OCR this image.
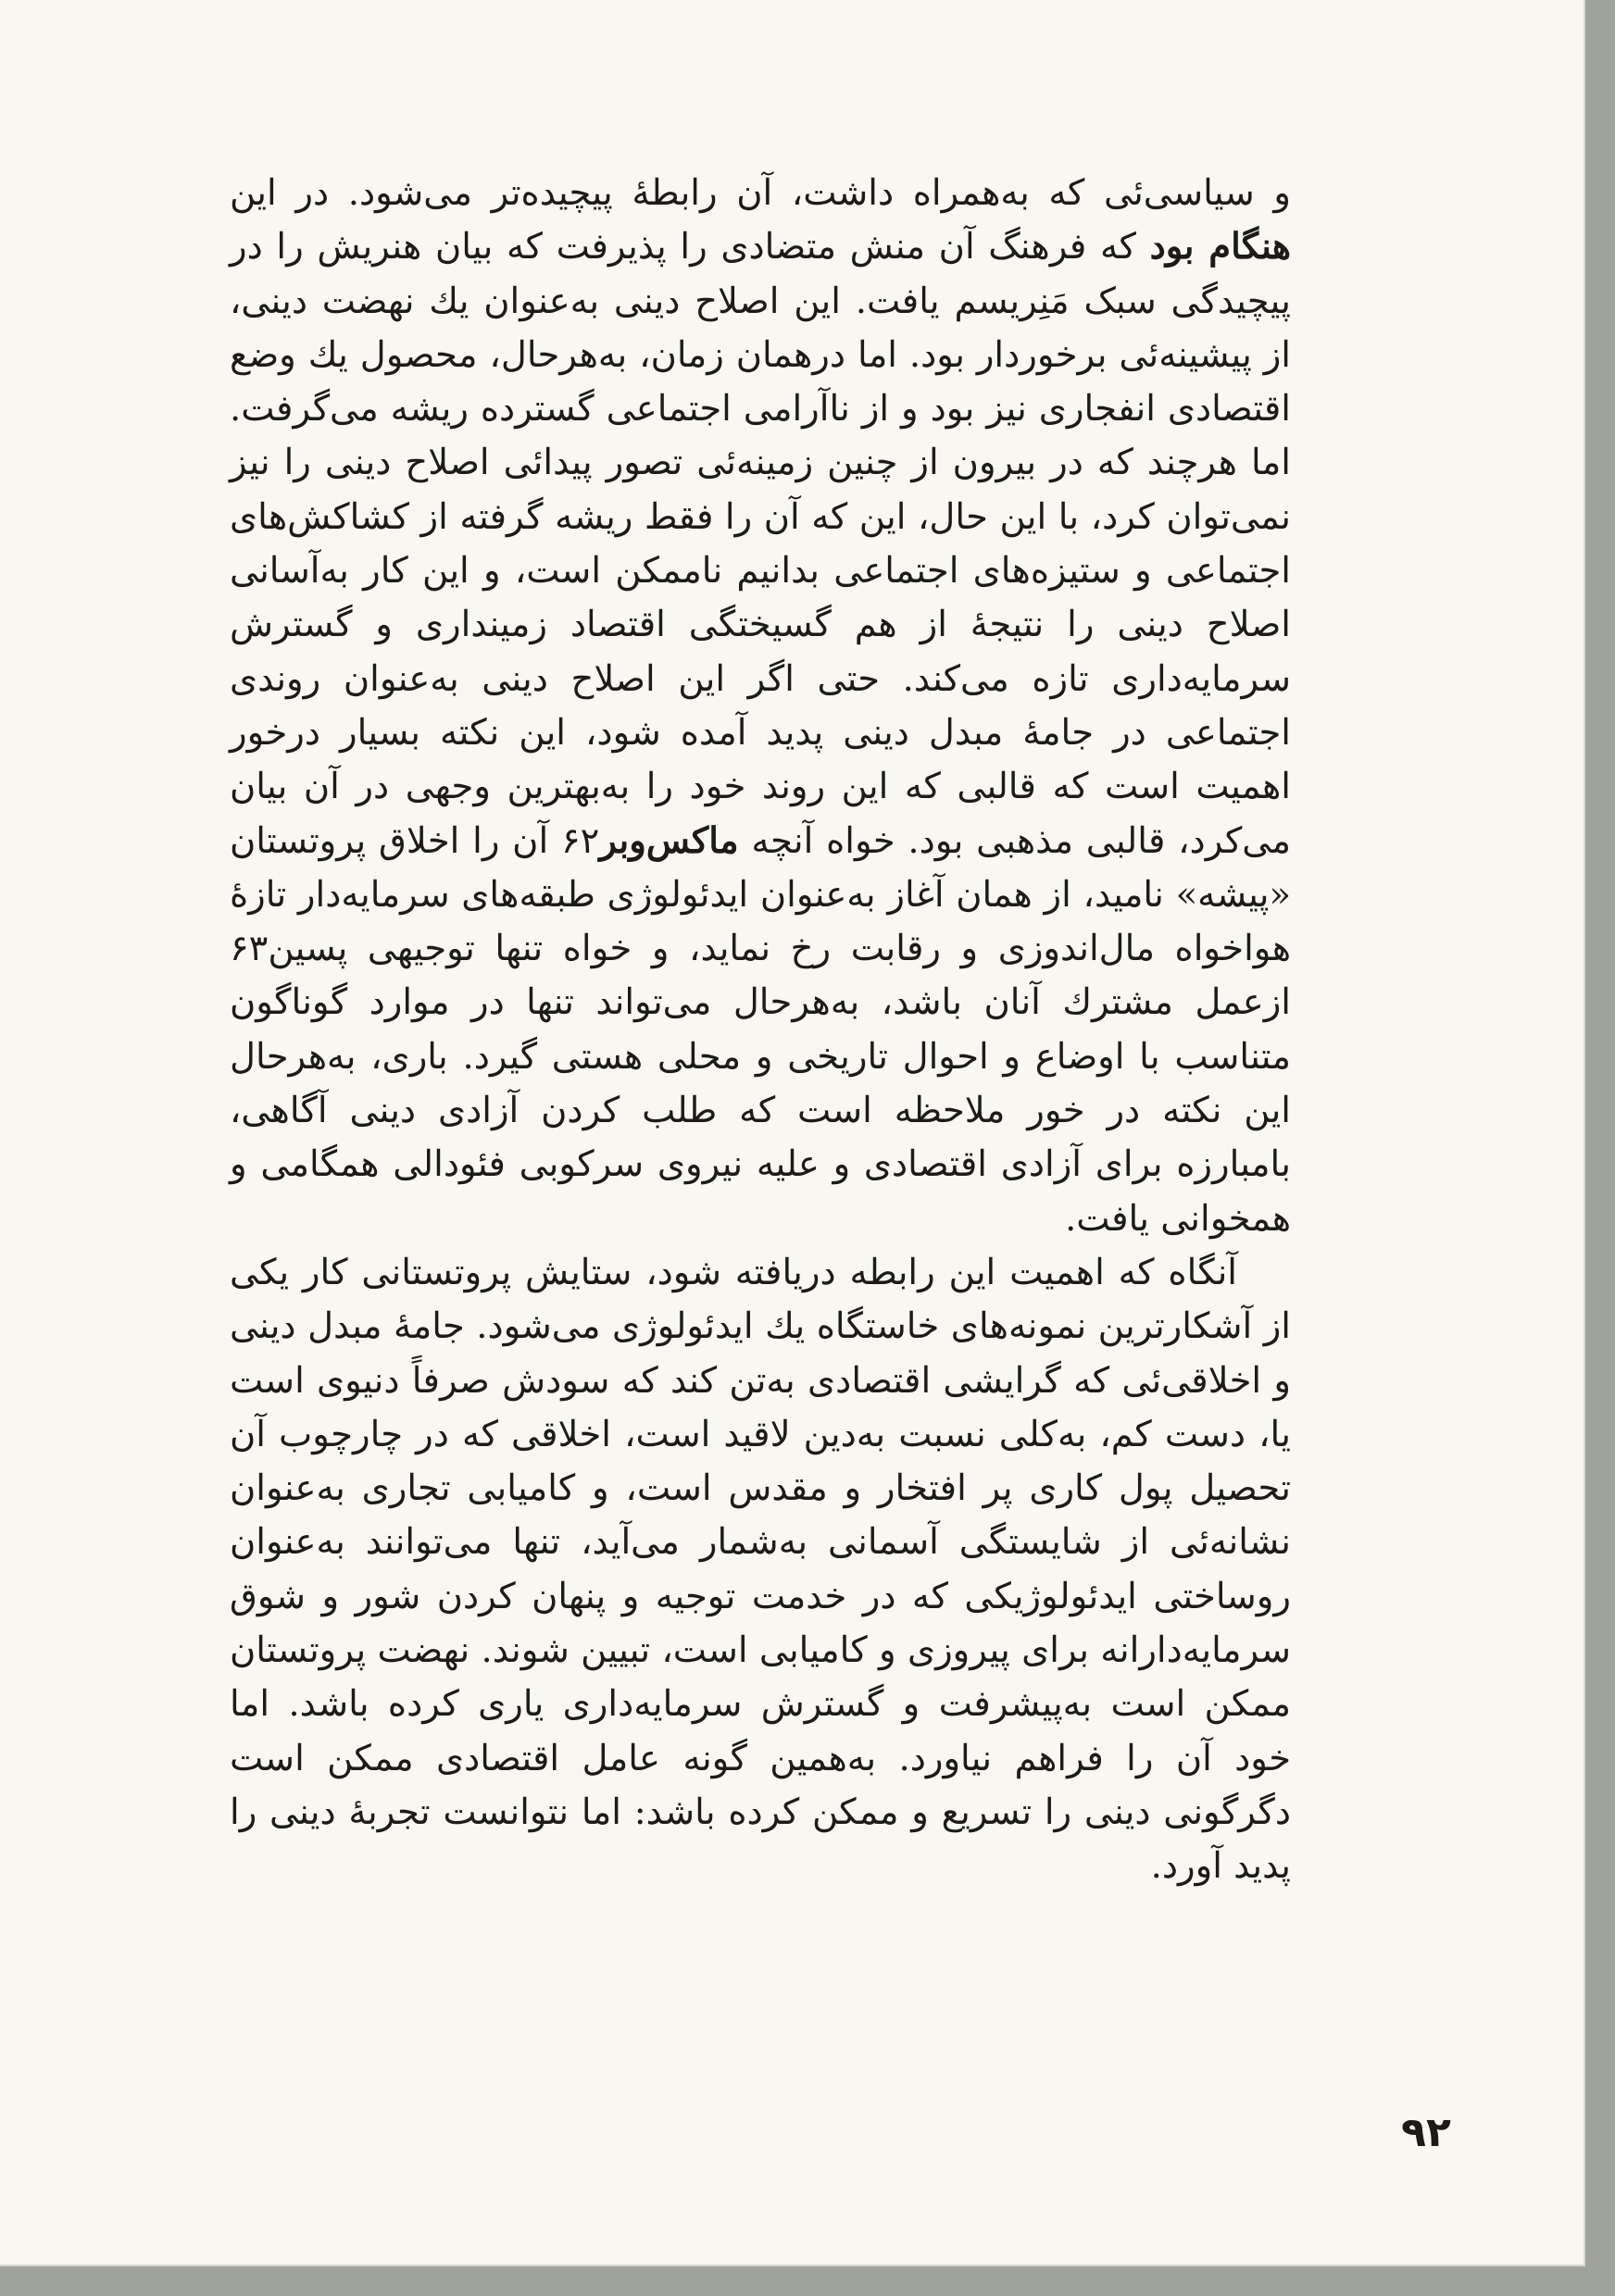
و سیاسی‌ئی که به‌همراه داشت، آن رابطهٔ پیچیده‌تر می‌شود. در این هنگام بود که فرهنگ آن منش متضادی را پذیرفت که بیان هنریش را در پیچیدگی سبک مَنِریسم یافت. این اصلاح دینی به‌عنوان یك نهضت دینی، از پیشینه‌ئی برخوردار بود. اما درهمان زمان، به‌هرحال، محصول یك وضع اقتصادی انفجاری نیز بود و از ناآرامی اجتماعی گسترده ریشه می‌گرفت. اما هرچند که در بیرون از چنین زمینه‌ئی تصور پیدائی اصلاح دینی را نیز نمی‌توان کرد، با این حال، این که آن را فقط ریشه گرفته از کشاکش‌های اجتماعی و ستیزه‌های اجتماعی بدانیم ناممکن است، و این کار به‌آسانی اصلاح دینی را نتیجهٔ از هم گسیختگی اقتصاد زمینداری و گسترش سرمایه‌داری تازه می‌کند. حتی اگر این اصلاح دینی به‌عنوان روندی اجتماعی در جامهٔ مبدل دینی پدید آمده شود، این نکته بسیار درخور اهمیت است که قالبی که این روند خود را به‌بهترین وجهی در آن بیان می‌کرد، قالبی مذهبی بود. خواه آنچه ماکس‌وبر۶۲ آن را اخلاق پروتستان «پیشه» نامید، از همان آغاز به‌عنوان ایدئولوژی طبقه‌های سرمایه‌دار تازهٔ هواخواه مال‌اندوزی و رقابت رخ نماید، و خواه تنها توجیهی پسین۶۳ ازعمل مشترك آنان باشد، به‌هرحال می‌تواند تنها در موارد گوناگون متناسب با اوضاع و احوال تاریخی و محلی هستی گیرد. باری، به‌هرحال این نکته در خور ملاحظه است که طلب کردن آزادی دینی آگاهی، بامبارزه برای آزادی اقتصادی و علیه نیروی سرکوبی فئودالی همگامی و همخوانی یافت.

آنگاه که اهمیت این رابطه دریافته شود، ستایش پروتستانی کار یکی از آشکارترین نمونه‌های خاستگاه یك ایدئولوژی می‌شود. جامهٔ مبدل دینی و اخلاقی‌ئی که گرایشی اقتصادی به‌تن کند که سودش صرفاً دنیوی است یا، دست کم، به‌کلی نسبت به‌دین لاقید است، اخلاقی که در چارچوب آن تحصیل پول کاری پر افتخار و مقدس است، و کامیابی تجاری به‌عنوان نشانه‌ئی از شایستگی آسمانی به‌شمار می‌آید، تنها می‌توانند به‌عنوان روساختی ایدئولوژیکی که در خدمت توجیه و پنهان کردن شور و شوق سرمایه‌دارانه برای پیروزی و کامیابی است، تبیین شوند. نهضت پروتستان ممکن است به‌پیشرفت و گسترش سرمایه‌داری یاری کرده باشد. اما خود آن را فراهم نیاورد. به‌همین گونه عامل اقتصادی ممکن است دگرگونی دینی را تسریع و ممکن کرده باشد: اما نتوانست تجربهٔ دینی را پدید آورد.

۹۲
